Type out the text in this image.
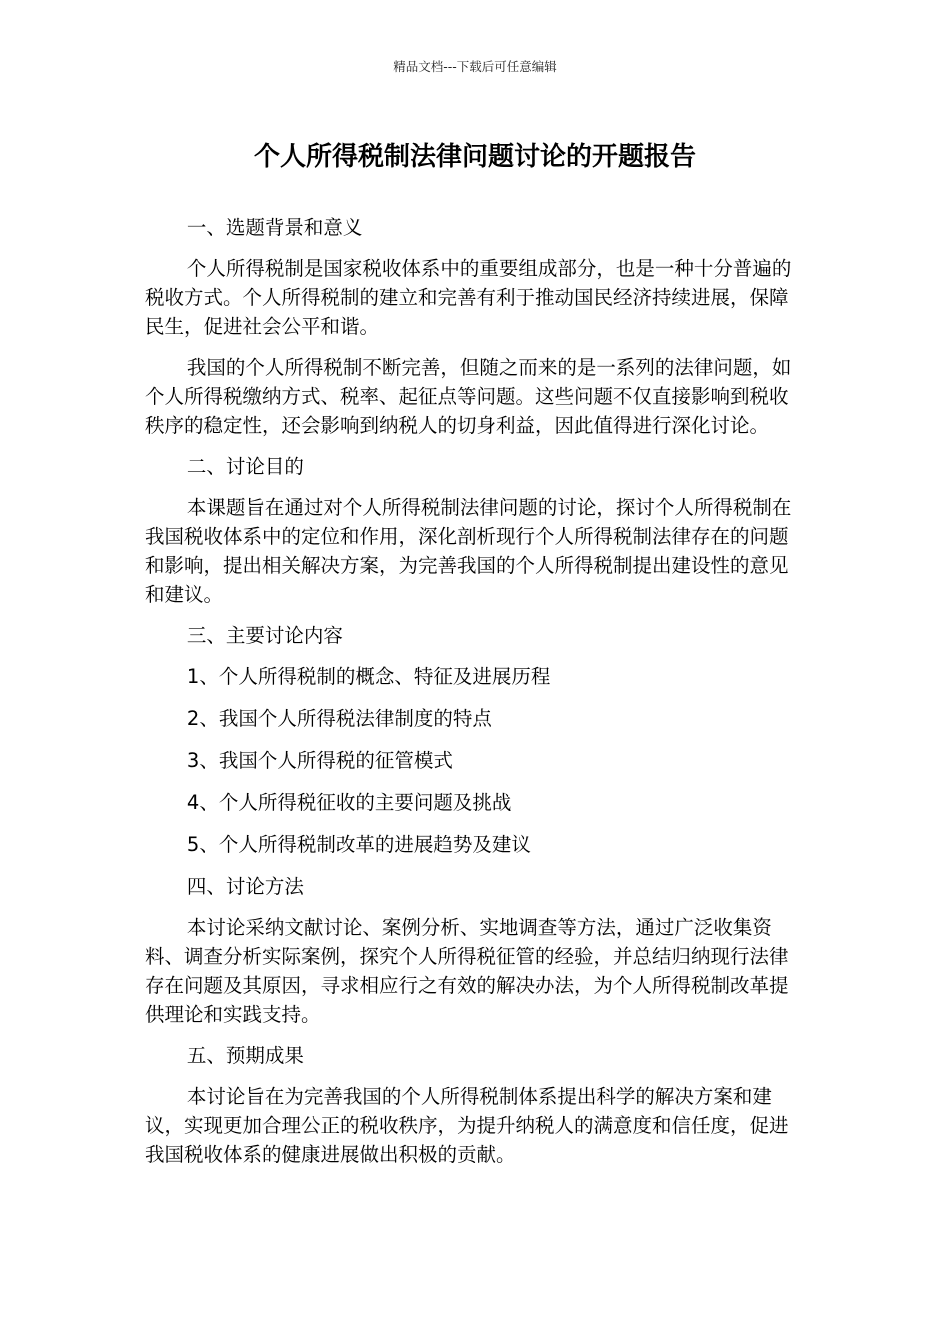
精品文档---下载后可任意编辑
个人所得税制法律问题讨论的开题报告

一、选题背景和意义

个人所得税制是国家税收体系中的重要组成部分，也是一种十分普遍的税收方式。个人所得税制的建立和完善有利于推动国民经济持续进展，保障民生，促进社会公平和谐。

我国的个人所得税制不断完善，但随之而来的是一系列的法律问题，如个人所得税缴纳方式、税率、起征点等问题。这些问题不仅直接影响到税收秩序的稳定性，还会影响到纳税人的切身利益，因此值得进行深化讨论。

二、讨论目的

本课题旨在通过对个人所得税制法律问题的讨论，探讨个人所得税制在我国税收体系中的定位和作用，深化剖析现行个人所得税制法律存在的问题和影响，提出相关解决方案，为完善我国的个人所得税制提出建设性的意见和建议。

三、主要讨论内容

1、个人所得税制的概念、特征及进展历程

2、我国个人所得税法律制度的特点

3、我国个人所得税的征管模式

4、个人所得税征收的主要问题及挑战

5、个人所得税制改革的进展趋势及建议

四、讨论方法

本讨论采纳文献讨论、案例分析、实地调查等方法，通过广泛收集资料、调查分析实际案例，探究个人所得税征管的经验，并总结归纳现行法律存在问题及其原因，寻求相应行之有效的解决办法，为个人所得税制改革提供理论和实践支持。

五、预期成果

本讨论旨在为完善我国的个人所得税制体系提出科学的解决方案和建议，实现更加合理公正的税收秩序，为提升纳税人的满意度和信任度，促进我国税收体系的健康进展做出积极的贡献。
